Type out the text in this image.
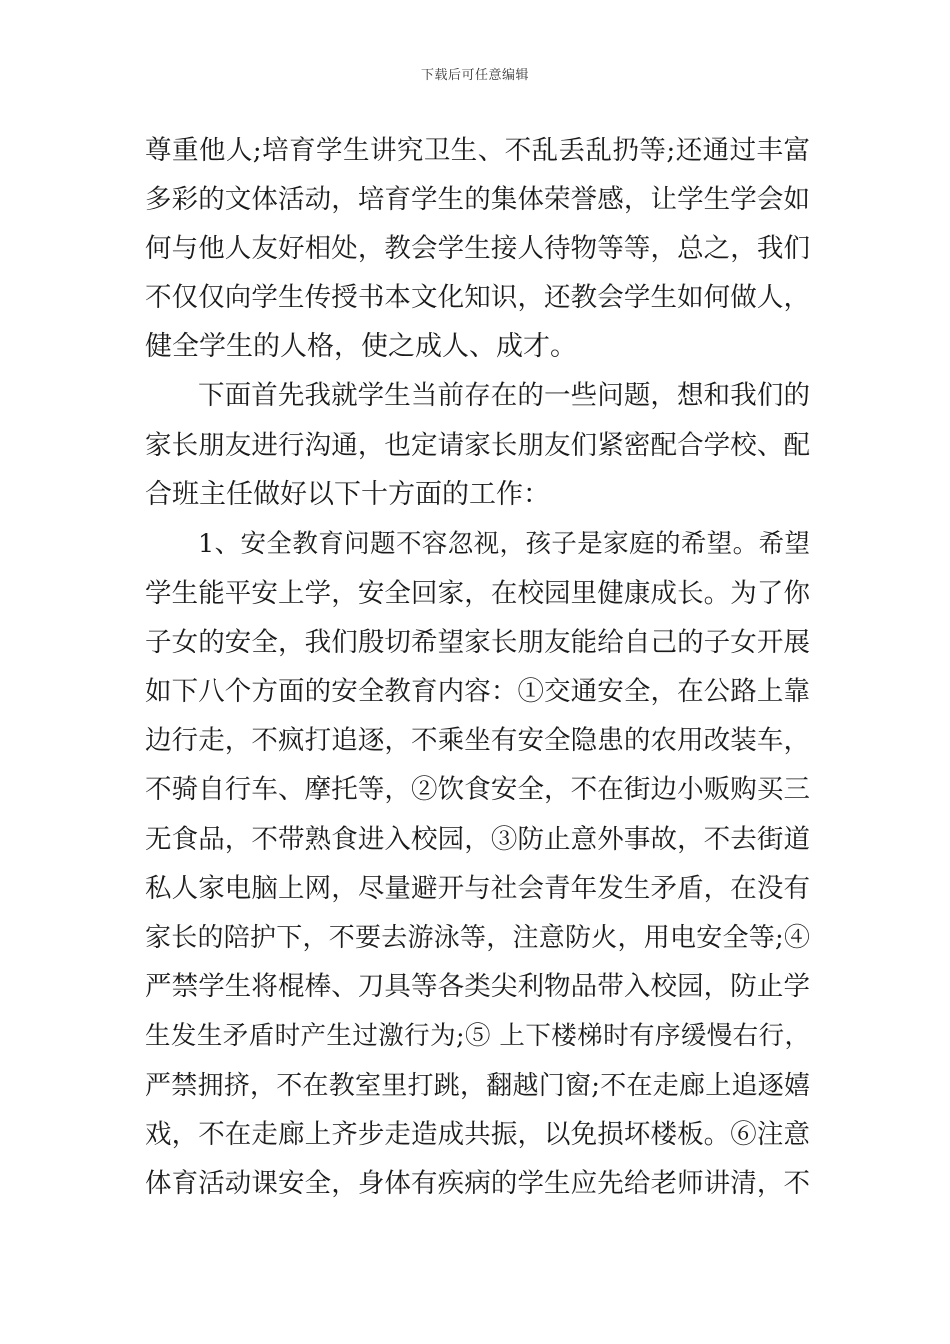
下载后可任意编辑
尊重他人;培育学生讲究卫生、不乱丢乱扔等;还通过丰富
多彩的文体活动，培育学生的集体荣誉感，让学生学会如
何与他人友好相处，教会学生接人待物等等，总之，我们
不仅仅向学生传授书本文化知识，还教会学生如何做人，
健全学生的人格，使之成人、成才。
下面首先我就学生当前存在的一些问题，想和我们的
家长朋友进行沟通，也定请家长朋友们紧密配合学校、配
合班主任做好以下十方面的工作：
1、安全教育问题不容忽视，孩子是家庭的希望。希望
学生能平安上学，安全回家，在校园里健康成长。为了你
子女的安全，我们殷切希望家长朋友能给自己的子女开展
如下八个方面的安全教育内容：①交通安全，在公路上靠
边行走，不疯打追逐，不乘坐有安全隐患的农用改装车，
不骑自行车、摩托等，②饮食安全，不在街边小贩购买三
无食品，不带熟食进入校园，③防止意外事故，不去街道
私人家电脑上网，尽量避开与社会青年发生矛盾，在没有
家长的陪护下，不要去游泳等，注意防火，用电安全等;④
严禁学生将棍棒、刀具等各类尖利物品带入校园，防止学
生发生矛盾时产生过激行为;⑤ 上下楼梯时有序缓慢右行，
严禁拥挤，不在教室里打跳，翻越门窗;不在走廊上追逐嬉
戏，不在走廊上齐步走造成共振，以免损坏楼板。⑥注意
体育活动课安全，身体有疾病的学生应先给老师讲清，不
